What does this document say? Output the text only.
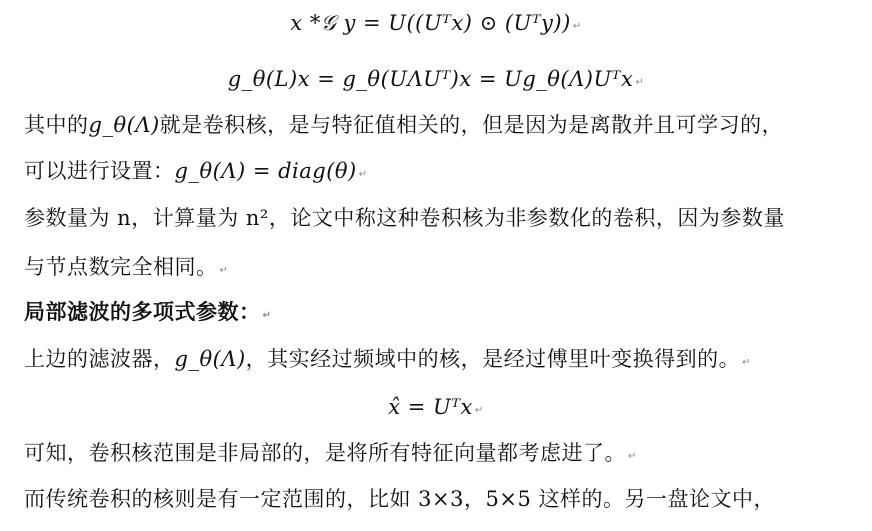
x *𝒢 y = U((Uᵀx) ⊙ (Uᵀy)) ↵
g_θ(L)x = g_θ(UΛUᵀ)x = Ug_θ(Λ)Uᵀx ↵
其中的g_θ(Λ)就是卷积核，是与特征值相关的，但是因为是离散并且可学习的，
可以进行设置：g_θ(Λ) = diag(θ) ↵
参数量为 n，计算量为 n²，论文中称这种卷积核为非参数化的卷积，因为参数量
与节点数完全相同。 ↵
局部滤波的多项式参数： ↵
上边的滤波器，g_θ(Λ)，其实经过频域中的核，是经过傅里叶变换得到的。 ↵
x̂ = Uᵀx ↵
可知，卷积核范围是非局部的，是将所有特征向量都考虑进了。 ↵
而传统卷积的核则是有一定范围的，比如 3×3，5×5 这样的。另一盘论文中，
